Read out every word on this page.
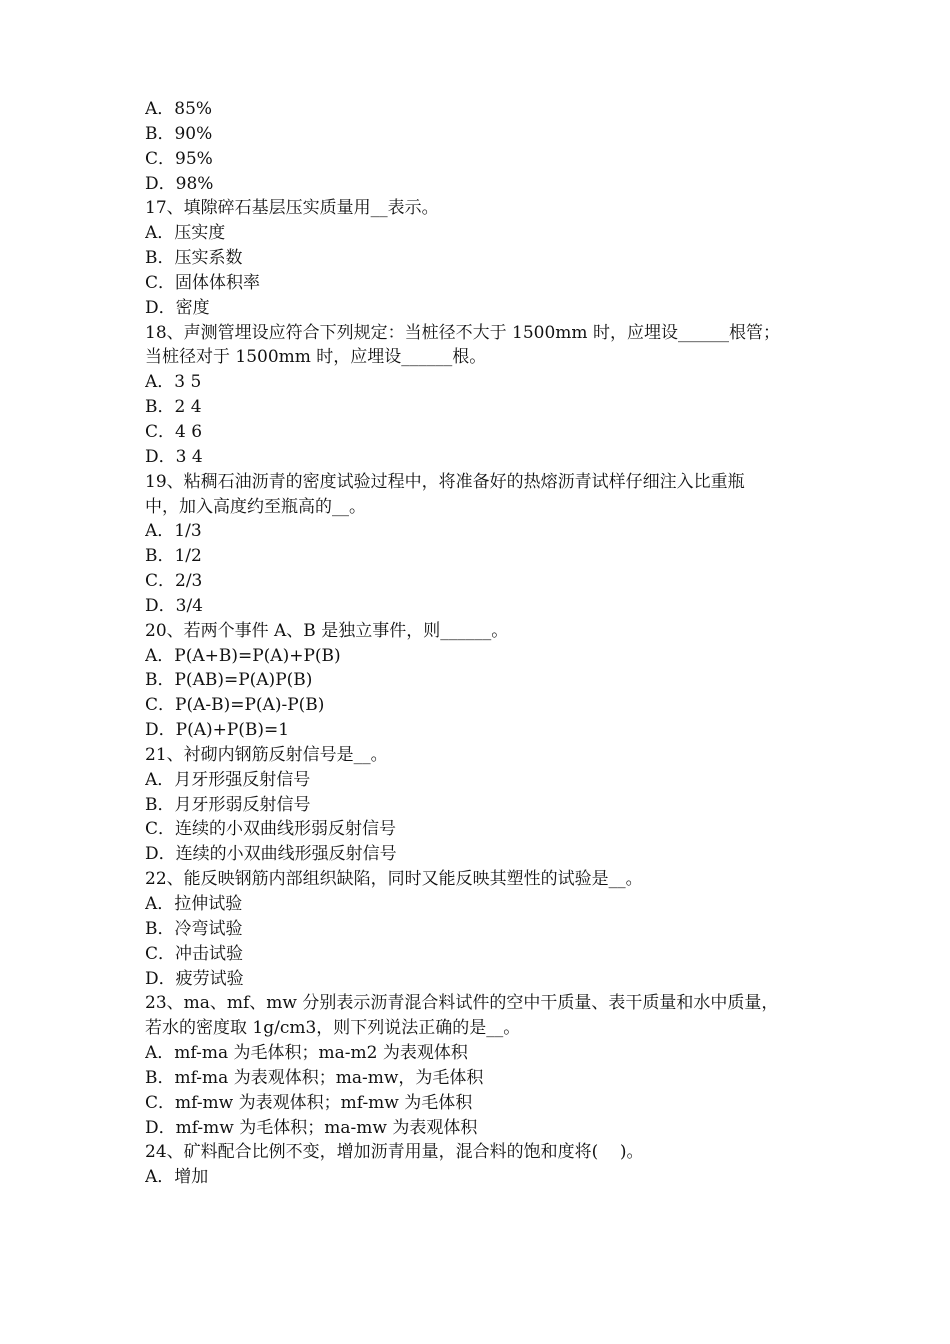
A．85%
B．90%
C．95%
D．98%
17、填隙碎石基层压实质量用__表示。
A．压实度
B．压实系数
C．固体体积率
D．密度
18、声测管埋设应符合下列规定：当桩径不大于 1500mm 时，应埋设______根管；
当桩径对于 1500mm 时，应埋设______根。
A．3 5
B．2 4
C．4 6
D．3 4
19、粘稠石油沥青的密度试验过程中，将准备好的热熔沥青试样仔细注入比重瓶
中，加入高度约至瓶高的__。
A．1/3
B．1/2
C．2/3
D．3/4
20、若两个事件 A、B 是独立事件，则______。
A．P(A+B)=P(A)+P(B)
B．P(AB)=P(A)P(B)
C．P(A-B)=P(A)-P(B)
D．P(A)+P(B)=1
21、衬砌内钢筋反射信号是__。
A．月牙形强反射信号
B．月牙形弱反射信号
C．连续的小双曲线形弱反射信号
D．连续的小双曲线形强反射信号
22、能反映钢筋内部组织缺陷，同时又能反映其塑性的试验是__。
A．拉伸试验
B．冷弯试验
C．冲击试验
D．疲劳试验
23、ma、mf、mw 分别表示沥青混合料试件的空中干质量、表干质量和水中质量，
若水的密度取 1g/cm3，则下列说法正确的是__。
A．mf-ma 为毛体积；ma-m2 为表观体积
B．mf-ma 为表观体积；ma-mw，为毛体积
C．mf-mw 为表观体积；mf-mw 为毛体积
D．mf-mw 为毛体积；ma-mw 为表观体积
24、矿料配合比例不变，增加沥青用量，混合料的饱和度将(    )。
A．增加
